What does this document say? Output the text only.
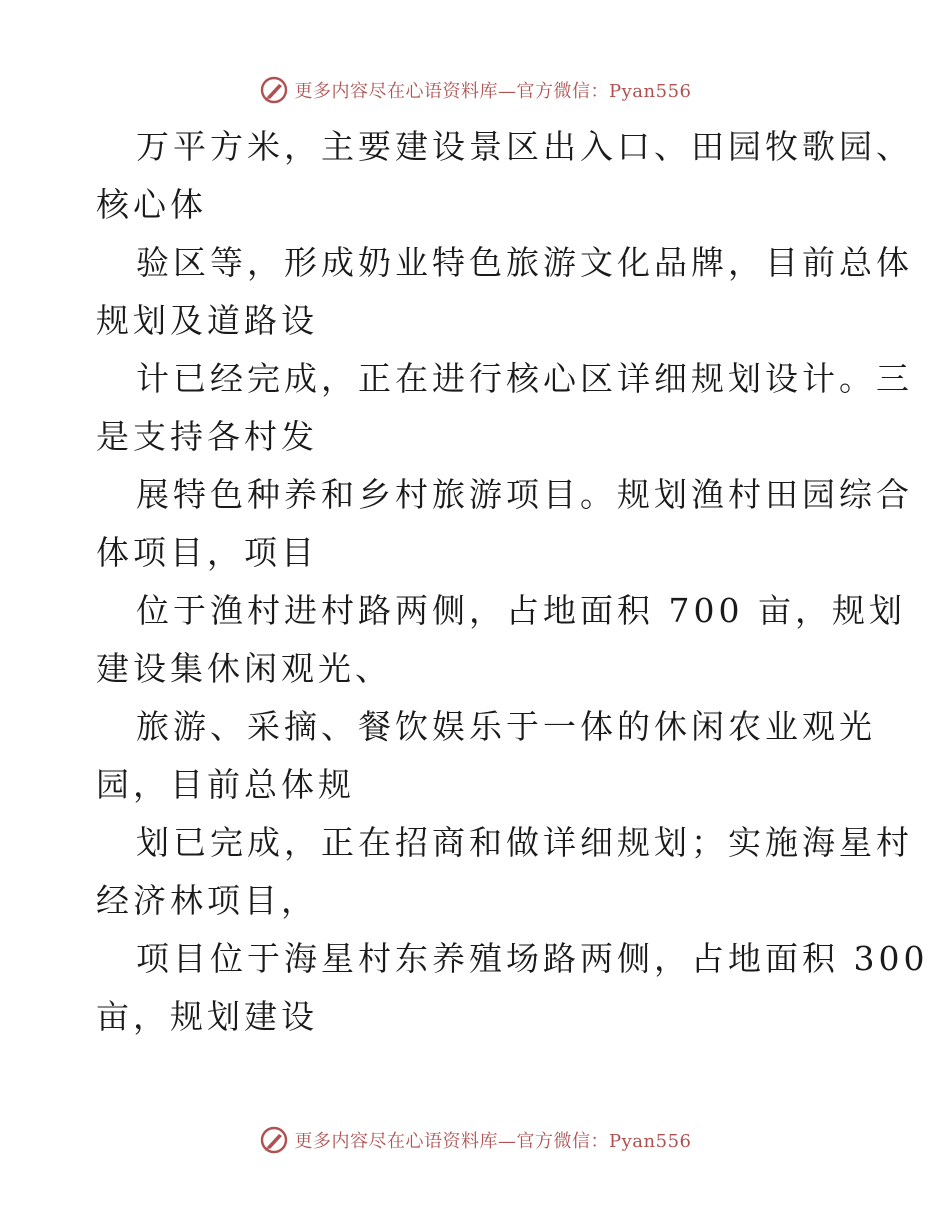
更多内容尽在心语资料库—官方微信：Pyan556
万平方米，主要建设景区出入口、田园牧歌园、
核心体
验区等，形成奶业特色旅游文化品牌，目前总体
规划及道路设
计已经完成，正在进行核心区详细规划设计。三
是支持各村发
展特色种养和乡村旅游项目。规划渔村田园综合
体项目，项目
位于渔村进村路两侧，占地面积 700 亩，规划
建设集休闲观光、
旅游、采摘、餐饮娱乐于一体的休闲农业观光
园，目前总体规
划已完成，正在招商和做详细规划；实施海星村
经济林项目，
项目位于海星村东养殖场路两侧，占地面积 300
亩，规划建设
更多内容尽在心语资料库—官方微信：Pyan556
